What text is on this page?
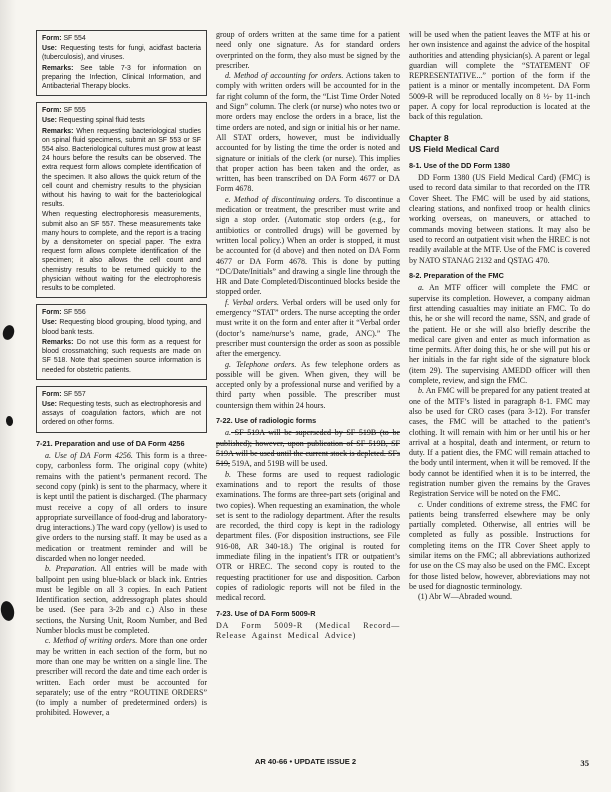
Form: SF 554

Use: Requesting tests for fungi, acidfast bacteria (tuberculosis), and viruses.

Remarks: See table 7-3 for information on preparing the Infection, Clinical Information, and Antibacterial Therapy blocks.

Form: SF 555

Use: Requesting spinal fluid tests

Remarks: When requesting bacteriological studies on spinal fluid specimens, submit an SF 553 or SF 554 also. Bacteriological cultures must grow at least 24 hours before the results can be observed. The extra request form allows complete identification of the specimen. It also allows the quick return of the cell count and chemistry results to the physician without his having to wait for the bacteriological results.

When requesting electrophoresis measurements, submit also an SF 557. These measurements take many hours to complete, and the report is a tracing by a densitometer on special paper. The extra request form allows complete identification of the specimen; it also allows the cell count and chemistry results to be returned quickly to the physician without waiting for the electrophoresis results to be completed.

Form: SF 556

Use: Requesting blood grouping, blood typing, and blood bank tests.

Remarks: Do not use this form as a request for blood crossmatching; such requests are made on SF 518. Note that specimen source information is needed for obstetric patients.

Form: SF 557

Use: Requesting tests, such as electrophoresis and assays of coagulation factors, which are not ordered on other forms.

7-21. Preparation and use of DA Form 4256

a. Use of DA Form 4256. This form is a three-copy, carbonless form. The original copy (white) remains with the patient’s permanent record. The second copy (pink) is sent to the pharmacy, where it is kept until the patient is discharged. (The pharmacy must receive a copy of all orders to insure appropriate surveillance of food-drug and laboratory-drug interactions.) The ward copy (yellow) is used to give orders to the nursing staff. It may be used as a medication or treatment reminder and will be discarded when no longer needed.

b. Preparation. All entries will be made with ballpoint pen using blue-black or black ink. Entries must be legible on all 3 copies. In each Patient Identification section, addressograph plates should be used. (See para 3-2b and c.) Also in these sections, the Nursing Unit, Room Number, and Bed Number blocks must be completed.

c. Method of writing orders. More than one order may be written in each section of the form, but no more than one may be written on a single line. The prescriber will record the date and time each order is written. Each order must be accounted for separately; use of the entry “ROUTINE ORDERS” (to imply a number of predetermined orders) is prohibited. However, a

group of orders written at the same time for a patient need only one signature. As for standard orders overprinted on the form, they also must be signed by the prescriber.

d. Method of accounting for orders. Actions taken to comply with written orders will be accounted for in the far right column of the form, the “List Time Order Noted and Sign” column. The clerk (or nurse) who notes two or more orders may enclose the orders in a brace, list the time orders are noted, and sign or initial his or her name. All STAT orders, however, must be individually accounted for by listing the time the order is noted and signature or initials of the clerk (or nurse). This implies that proper action has been taken and the order, as written, has been transcribed on DA Form 4677 or DA Form 4678.

e. Method of discontinuing orders. To discontinue a medication or treatment, the prescriber must write and sign a stop order. (Automatic stop orders (e.g., for antibiotics or controlled drugs) will be governed by written local policy.) When an order is stopped, it must be accounted for (d above) and then noted on DA Form 4677 or DA Form 4678. This is done by putting “DC/Date/Initials” and drawing a single line through the HR and Date Completed/Discontinued blocks beside the stopped order.

f. Verbal orders. Verbal orders will be used only for emergency “STAT” orders. The nurse accepting the order must write it on the form and enter after it “Verbal order (doctor’s name/nurse’s name, grade, ANC).” The prescriber must countersign the order as soon as possible after the emergency.

g. Telephone orders. As few telephone orders as possible will be given. When given, they will be accepted only by a professional nurse and verified by a third party when possible. The prescriber must countersign them within 24 hours.

7-22. Use of radiologic forms

a. SF 519A will be superseded by SF 519B (to be published); however, upon publication of SF 519B, SF 519A will be used until the current stock is depleted. SFs 519, 519A, and 519B will be used.

b. These forms are used to request radiologic examinations and to report the results of those examinations. The forms are three-part sets (original and two copies). When requesting an examination, the whole set is sent to the radiology department. After the results are recorded, the third copy is kept in the radiology department files. (For disposition instructions, see File 916-08, AR 340-18.) The original is routed for immediate filing in the inpatient’s ITR or outpatient’s OTR or HREC. The second copy is routed to the requesting practitioner for use and disposition. Carbon copies of radiologic reports will not be filed in the medical record.

7-23. Use of DA Form 5009-R

DA Form 5009-R (Medical Record—Release Against Medical Advice)

will be used when the patient leaves the MTF at his or her own insistence and against the advice of the hospital authorities and attending physician(s). A parent or legal guardian will complete the “STATEMENT OF REPRESENTATIVE...” portion of the form if the patient is a minor or mentally incompetent. DA Form 5009-R will be reproduced locally on 8 ½- by 11-inch paper. A copy for local reproduction is located at the back of this regulation.

Chapter 8
US Field Medical Card
8-1. Use of the DD Form 1380

DD Form 1380 (US Field Medical Card) (FMC) is used to record data similar to that recorded on the ITR Cover Sheet. The FMC will be used by aid stations, clearing stations, and nonfixed troop or health clinics working overseas, on maneuvers, or attached to commands moving between stations. It may also be used to record an outpatient visit when the HREC is not readily available at the MTF. Use of the FMC is covered by NATO STANAG 2132 and QSTAG 470.

8-2. Preparation of the FMC

a. An MTF officer will complete the FMC or supervise its completion. However, a company aidman first attending casualties may initiate an FMC. To do this, he or she will record the name, SSN, and grade of the patient. He or she will also briefly describe the medical care given and enter as much information as time permits. After doing this, he or she will put his or her initials in the far right side of the signature block (item 29). The supervising AMEDD officer will then complete, review, and sign the FMC.

b. An FMC will be prepared for any patient treated at one of the MTF’s listed in paragraph 8-1. FMC may also be used for CRO cases (para 3-12). For transfer cases, the FMC will be attached to the patient’s clothing. It will remain with him or her until his or her arrival at a hospital, death and interment, or return to duty. If a patient dies, the FMC will remain attached to the body until interment, when it will be removed. If the body cannot be identified when it is to be interred, the registration number given the remains by the Graves Registration Service will be noted on the FMC.

c. Under conditions of extreme stress, the FMC for patients being transferred elsewhere may be only partially completed. Otherwise, all entries will be completed as fully as possible. Instructions for completing items on the ITR Cover Sheet apply to similar items on the FMC; all abbreviations authorized for use on the CS may also be used on the FMC. Except for those listed below, however, abbreviations may not be used for diagnostic terminology.

(1) Abr W—Abraded wound.

AR 40-66 • UPDATE ISSUE 2	35
